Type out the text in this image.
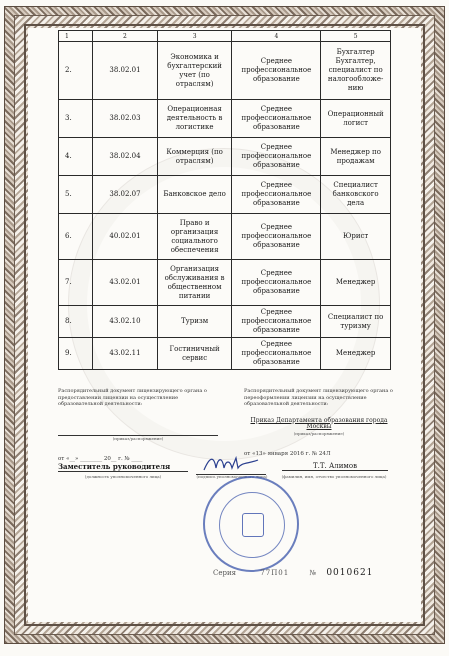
1	2	3	4	5
2.	38.02.01	Экономика и бухгалтерский учет (по отраслям)	Среднее профессиональное образование	Бухгалтер Бухгалтер, специалист по налогообложе-нию
3.	38.02.03	Операционная деятельность в логистике	Среднее профессиональное образование	Операционный логист
4.	38.02.04	Коммерция (по отраслям)	Среднее профессиональное образование	Менеджер по продажам
5.	38.02.07	Банковское дело	Среднее профессиональное образование	Специалист банковского дела
6.	40.02.01	Право и организация социального обеспечения	Среднее профессиональное образование	Юрист
7.	43.02.01	Организация обслуживания в общественном питании	Среднее профессиональное образование	Менеджер
8.	43.02.10	Туризм	Среднее профессиональное образование	Специалист по туризму
9.	43.02.11	Гостиничный сервис	Среднее профессиональное образование	Менеджер
Распорядительный документ лицензирующего органа о предоставлении лицензии на осуществление образовательной деятельности:
(приказ/распоряжение)
от «__» ________ 20__ г. № ____
Распорядительный документ лицензирующего органа о переоформлении лицензии на осуществление образовательной деятельности:
Приказ Департамента образования города Москвы
(приказ/распоряжение)
от «13» января 2016 г. № 24Л
Заместитель руководителя
(должность уполномоченного лица)	(подпись уполномоченного лица)
Т.Т. Алимов
(фамилия, имя, отчество уполномоченного лица)
Серия	77П01	№ 0010621
